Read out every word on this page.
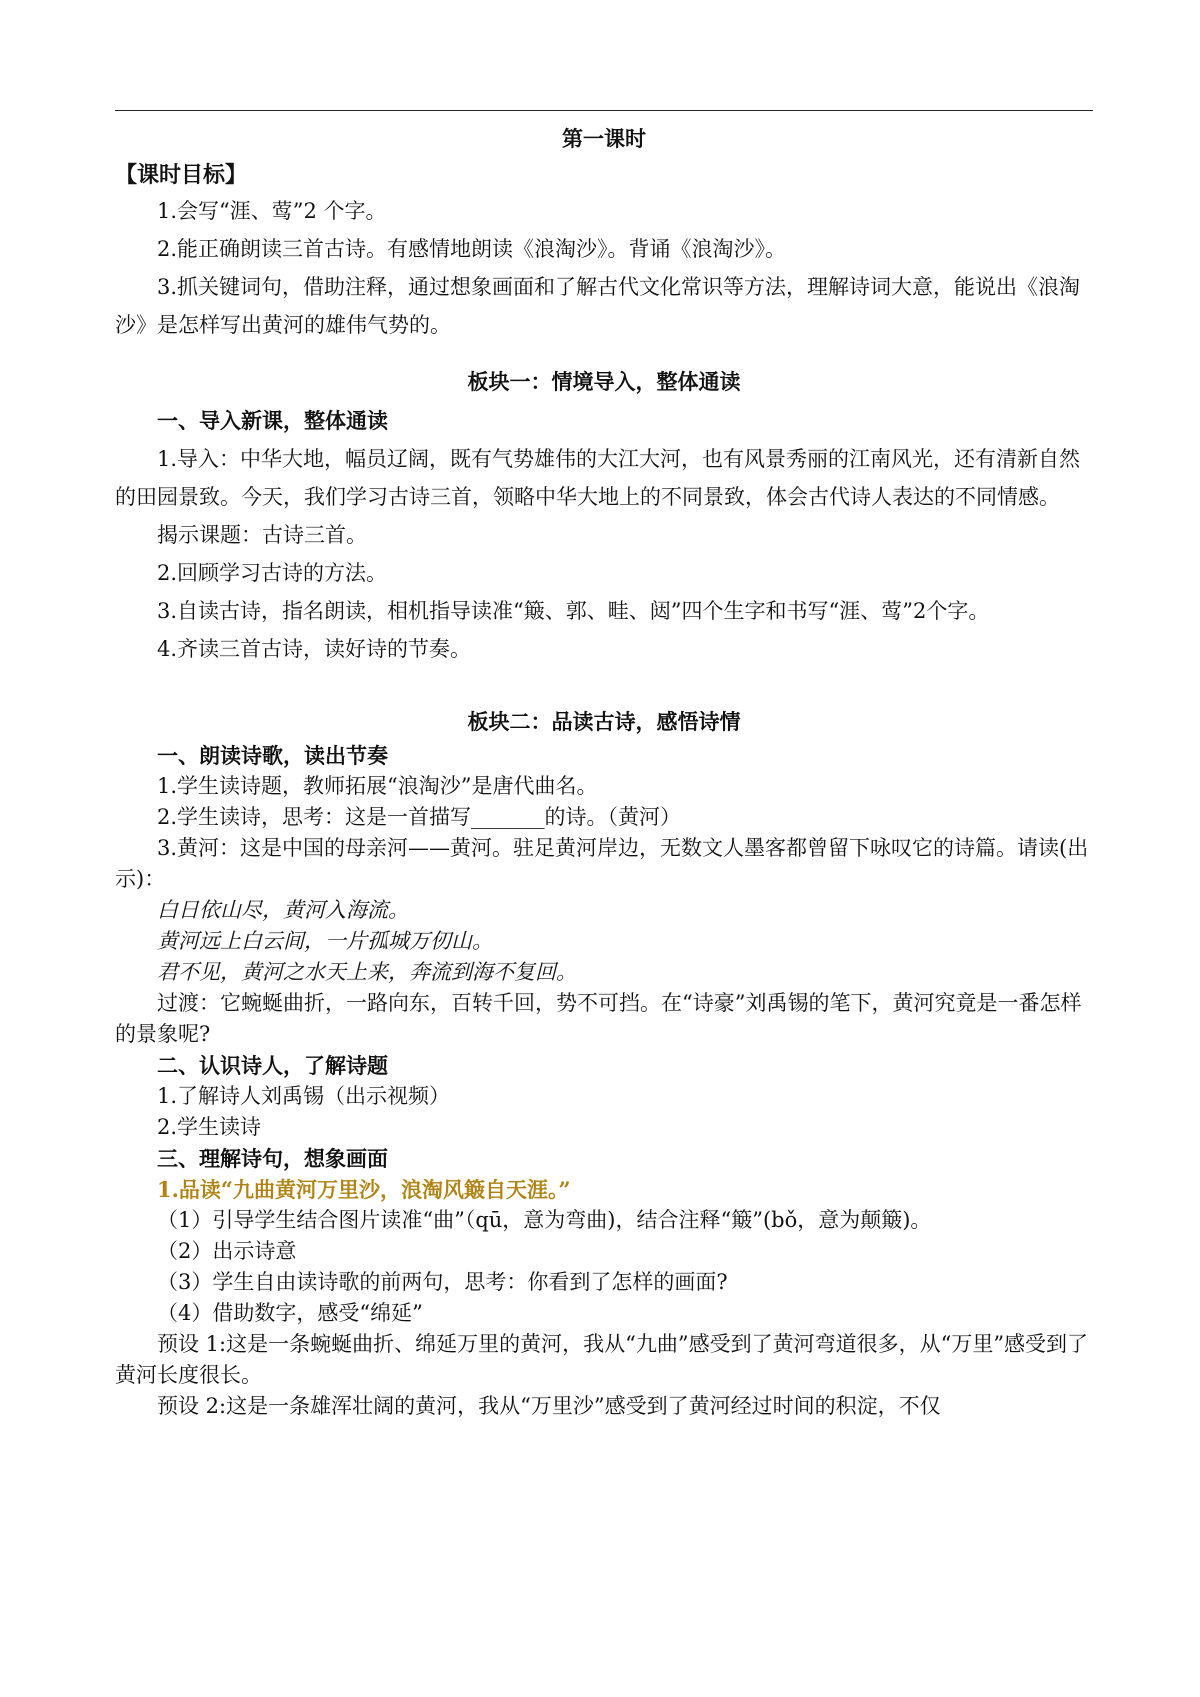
第一课时
【课时目标】

1.会写“涯、莺”2 个字。

2.能正确朗读三首古诗。有感情地朗读《浪淘沙》。背诵《浪淘沙》。

3.抓关键词句，借助注释，通过想象画面和了解古代文化常识等方法，理解诗词大意，能说出《浪淘沙》是怎样写出黄河的雄伟气势的。

板块一：情境导入，整体通读

一、导入新课，整体通读

1.导入：中华大地，幅员辽阔，既有气势雄伟的大江大河，也有风景秀丽的江南风光，还有清新自然的田园景致。今天，我们学习古诗三首，领略中华大地上的不同景致，体会古代诗人表达的不同情感。

揭示课题：古诗三首。

2.回顾学习古诗的方法。

3.自读古诗，指名朗读，相机指导读准“簸、郭、畦、闼”四个生字和书写“涯、莺”2个字。

4.齐读三首古诗，读好诗的节奏。

板块二：品读古诗，感悟诗情

一、朗读诗歌，读出节奏

1.学生读诗题，教师拓展“浪淘沙”是唐代曲名。

2.学生读诗，思考：这是一首描写_______的诗。（黄河）

3.黄河：这是中国的母亲河——黄河。驻足黄河岸边，无数文人墨客都曾留下咏叹它的诗篇。请读(出示)：

白日依山尽，黄河入海流。

黄河远上白云间，一片孤城万仞山。

君不见，黄河之水天上来，奔流到海不复回。

过渡：它蜿蜒曲折，一路向东，百转千回，势不可挡。在“诗豪”刘禹锡的笔下，黄河究竟是一番怎样的景象呢?

二、认识诗人，了解诗题

1.了解诗人刘禹锡（出示视频）

2.学生读诗

三、理解诗句，想象画面

1.品读“九曲黄河万里沙，浪淘风簸自天涯。”

（1）引导学生结合图片读准“曲”（qū，意为弯曲)，结合注释“簸”(bǒ，意为颠簸)。

（2）出示诗意

（3）学生自由读诗歌的前两句，思考：你看到了怎样的画面?

（4）借助数字，感受“绵延”

预设 1:这是一条蜿蜒曲折、绵延万里的黄河，我从“九曲”感受到了黄河弯道很多，从“万里”感受到了黄河长度很长。

预设 2:这是一条雄浑壮阔的黄河，我从“万里沙”感受到了黄河经过时间的积淀，不仅
